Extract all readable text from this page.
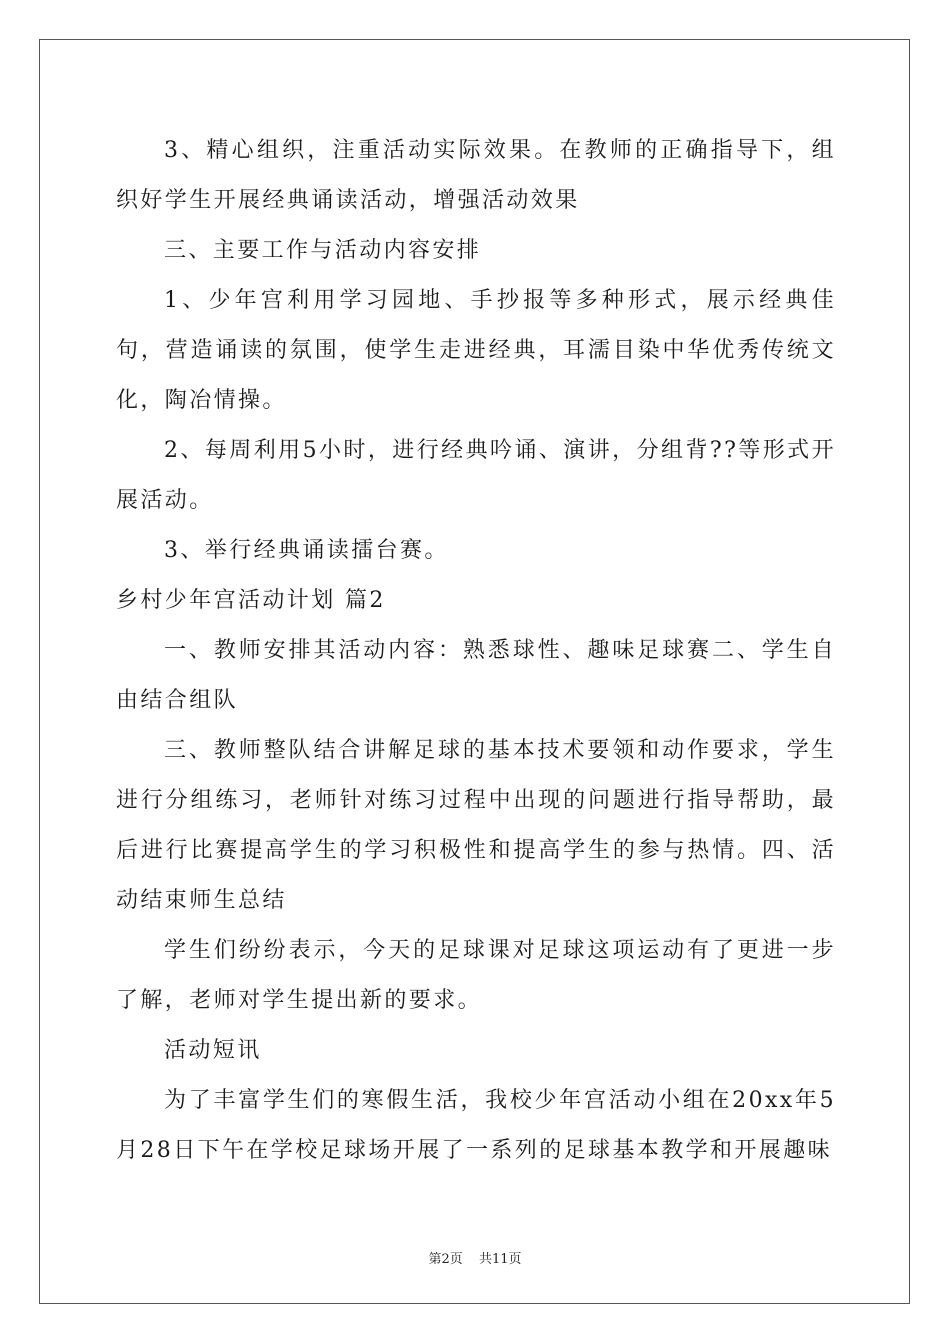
3、精心组织，注重活动实际效果。在教师的正确指导下，组织好学生开展经典诵读活动，增强活动效果

三、主要工作与活动内容安排

1、少年宫利用学习园地、手抄报等多种形式，展示经典佳句，营造诵读的氛围，使学生走进经典，耳濡目染中华优秀传统文化，陶冶情操。

2、每周利用5小时，进行经典吟诵、演讲，分组背??等形式开展活动。

3、举行经典诵读擂台赛。

乡村少年宫活动计划 篇2

一、教师安排其活动内容：熟悉球性、趣味足球赛二、学生自由结合组队

三、教师整队结合讲解足球的基本技术要领和动作要求，学生进行分组练习，老师针对练习过程中出现的问题进行指导帮助，最后进行比赛提高学生的学习积极性和提高学生的参与热情。四、活动结束师生总结

学生们纷纷表示，今天的足球课对足球这项运动有了更进一步了解，老师对学生提出新的要求。

活动短讯

为了丰富学生们的寒假生活，我校少年宫活动小组在20xx年5月28日下午在学校足球场开展了一系列的足球基本教学和开展趣味

第2页 共11页
